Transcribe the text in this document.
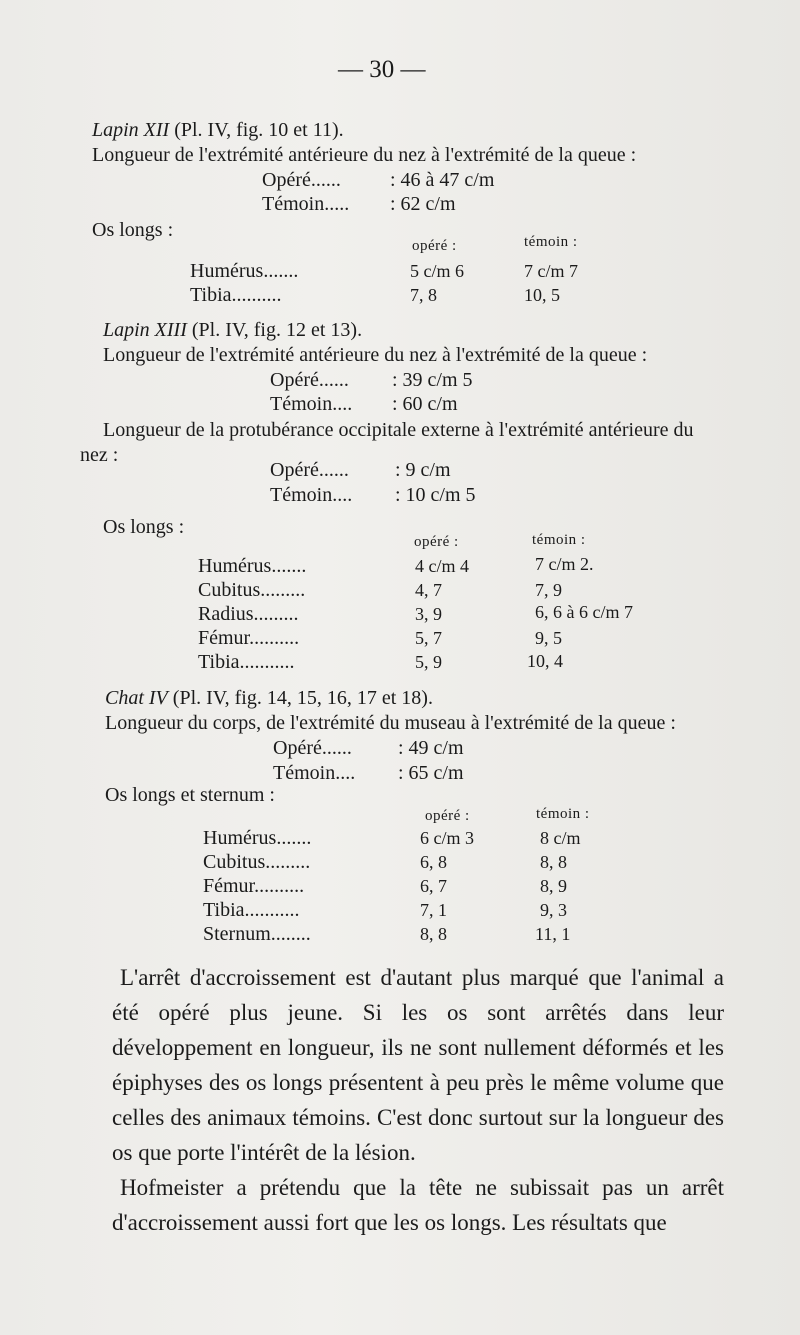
— 30 —
Lapin XII (Pl. IV, fig. 10 et 11).
Longueur de l'extrémité antérieure du nez à l'extrémité de la queue :
Opéré...... : 46 à 47 c/m
Témoin..... : 62 c/m
Os longs :
opéré :	témoin :
Humérus.......	5 c/m 6	7 c/m 7
Tibia..........	7, 8	10, 5
Lapin XIII (Pl. IV, fig. 12 et 13).
Longueur de l'extrémité antérieure du nez à l'extrémité de la queue :
Opéré...... : 39 c/m 5
Témoin.... : 60 c/m
Longueur de la protubérance occipitale externe à l'extrémité antérieure du
nez :
Opéré...... : 9 c/m
Témoin.... : 10 c/m 5
Os longs :
opéré :	témoin :
Humérus.......	4 c/m 4	7 c/m 2.
Cubitus.........	4, 7	7, 9
Radius.........	3, 9	6, 6 à 6 c/m 7
Fémur..........	5, 7	9, 5
Tibia...........	5, 9	10, 4
Chat IV (Pl. IV, fig. 14, 15, 16, 17 et 18).
Longueur du corps, de l'extrémité du museau à l'extrémité de la queue :
Opéré...... : 49 c/m
Témoin.... : 65 c/m
Os longs et sternum :
opéré :	témoin :
Humérus.......	6 c/m 3	8 c/m
Cubitus.........	6, 8	8, 8
Fémur..........	6, 7	8, 9
Tibia...........	7, 1	9, 3
Sternum........	8, 8	11, 1

L'arrêt d'accroissement est d'autant plus marqué que l'animal a été opéré plus jeune. Si les os sont arrêtés dans leur développement en longueur, ils ne sont nullement déformés et les épiphyses des os longs présentent à peu près le même volume que celles des animaux témoins. C'est donc surtout sur la longueur des os que porte l'intérêt de la lésion.

Hofmeister a prétendu que la tête ne subissait pas un arrêt d'accroissement aussi fort que les os longs. Les résultats que
